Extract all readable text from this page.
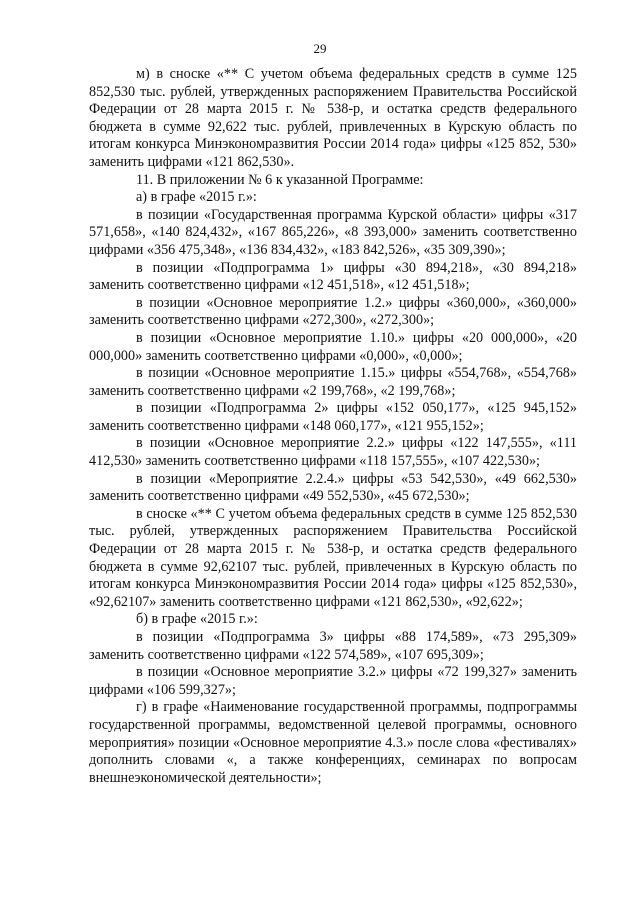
29

м) в сноске «** С учетом объема федеральных средств в сумме 125 852,530 тыс. рублей, утвержденных распоряжением Правительства Российской Федерации от 28 марта 2015 г. № 538-р, и остатка средств федерального бюджета в сумме 92,622 тыс. рублей, привлеченных в Курскую область по итогам конкурса Минэкономразвития России 2014 года» цифры «125 852, 530» заменить цифрами «121 862,530».

11. В приложении № 6 к указанной Программе:

а) в графе «2015 г.»:

в позиции «Государственная программа Курской области» цифры «317 571,658», «140 824,432», «167 865,226», «8 393,000» заменить соответственно цифрами «356 475,348», «136 834,432», «183 842,526», «35 309,390»;

в позиции «Подпрограмма 1» цифры «30 894,218», «30 894,218» заменить соответственно цифрами «12 451,518», «12 451,518»;

в позиции «Основное мероприятие 1.2.» цифры «360,000», «360,000» заменить соответственно цифрами «272,300», «272,300»;

в позиции «Основное мероприятие 1.10.» цифры «20 000,000», «20 000,000» заменить соответственно цифрами «0,000», «0,000»;

в позиции «Основное мероприятие 1.15.» цифры «554,768», «554,768» заменить соответственно цифрами «2 199,768», «2 199,768»;

в позиции «Подпрограмма 2» цифры «152 050,177», «125 945,152» заменить соответственно цифрами «148 060,177», «121 955,152»;

в позиции «Основное мероприятие 2.2.» цифры «122 147,555», «111 412,530» заменить соответственно цифрами «118 157,555», «107 422,530»;

в позиции «Мероприятие 2.2.4.» цифры «53 542,530», «49 662,530» заменить соответственно цифрами «49 552,530», «45 672,530»;

в сноске «** С учетом объема федеральных средств в сумме 125 852,530 тыс. рублей, утвержденных распоряжением Правительства Российской Федерации от 28 марта 2015 г. № 538-р, и остатка средств федерального бюджета в сумме 92,62107 тыс. рублей, привлеченных в Курскую область по итогам конкурса Минэкономразвития России 2014 года» цифры «125 852,530», «92,62107» заменить соответственно цифрами «121 862,530», «92,622»;

б) в графе «2015 г.»:

в позиции «Подпрограмма 3» цифры «88 174,589», «73 295,309» заменить соответственно цифрами «122 574,589», «107 695,309»;

в позиции «Основное мероприятие 3.2.» цифры «72 199,327» заменить цифрами «106 599,327»;

г) в графе «Наименование государственной программы, подпрограммы государственной программы, ведомственной целевой программы, основного мероприятия» позиции «Основное мероприятие 4.3.» после слова «фестивалях» дополнить словами «, а также конференциях, семинарах по вопросам внешнеэкономической деятельности»;
